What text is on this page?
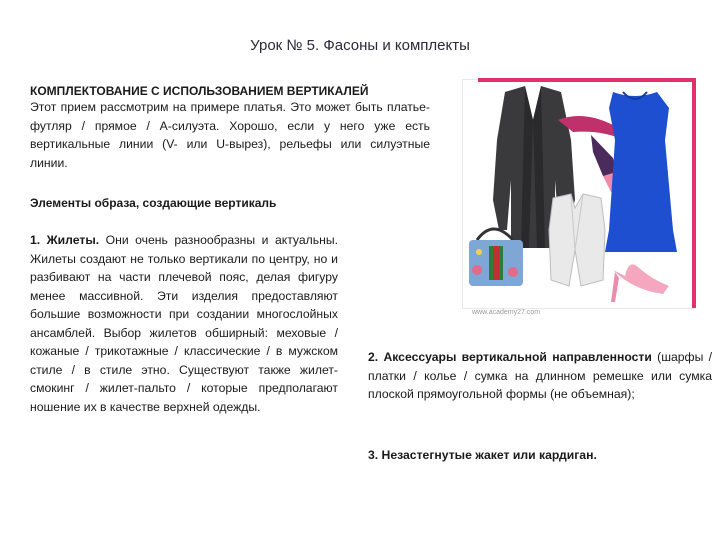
Урок № 5. Фасоны и комплекты
КОМПЛЕКТОВАНИЕ С ИСПОЛЬЗОВАНИЕМ ВЕРТИКАЛЕЙ
Этот прием рассмотрим на примере платья. Это может быть платье-футляр / прямое / А-силуэта. Хорошо, если у него уже есть вертикальные линии (V- или U-вырез), рельефы или силуэтные линии.
Элементы образа, создающие вертикаль
1. Жилеты. Они очень разнообразны и актуальны. Жилеты создают не только вертикали по центру, но и разбивают на части плечевой пояс, делая фигуру менее массивной. Эти изделия предоставляют большие возможности при создании многослойных ансамблей. Выбор жилетов обширный: меховые / кожаные / трикотажные / классические / в мужском стиле / в стиле этно. Существуют также жилет-смокинг / жилет-пальто / которые предполагают ношение их в качестве верхней одежды.
2. Аксессуары вертикальной направленности (шарфы / платки / колье / сумка на длинном ремешке или сумка плоской прямоугольной формы (не объемная);
3. Незастегнутые жакет или кардиган.
www.academy27.com
